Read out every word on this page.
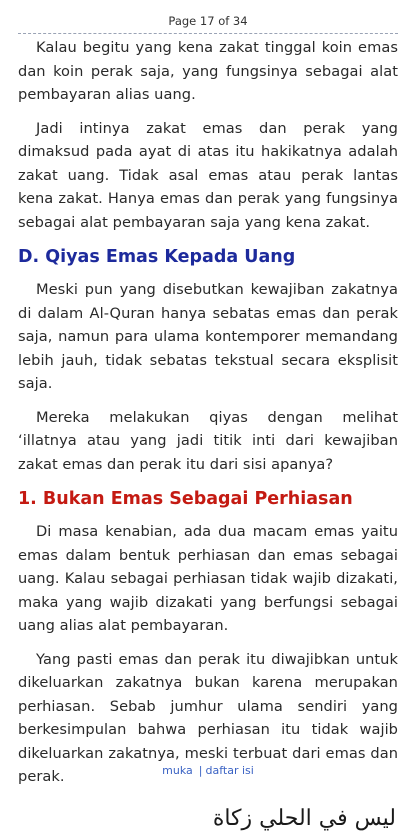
Page 17 of 34

Kalau begitu yang kena zakat tinggal koin emas dan koin perak saja, yang fungsinya sebagai alat pembayaran alias uang.

Jadi intinya zakat emas dan perak yang dimaksud pada ayat di atas itu hakikatnya adalah zakat uang. Tidak asal emas atau perak lantas kena zakat. Hanya emas dan perak yang fungsinya sebagai alat pembayaran saja yang kena zakat.

D. Qiyas Emas Kepada Uang

Meski pun yang disebutkan kewajiban zakatnya di dalam Al-Quran hanya sebatas emas dan perak saja, namun para ulama kontemporer memandang lebih jauh, tidak sebatas tekstual secara eksplisit saja.

Mereka melakukan qiyas dengan melihat ‘illatnya atau yang jadi titik inti dari kewajiban zakat emas dan perak itu dari sisi apanya?

1. Bukan Emas Sebagai Perhiasan

Di masa kenabian, ada dua macam emas yaitu emas dalam bentuk perhiasan dan emas sebagai uang. Kalau sebagai perhiasan tidak wajib dizakati, maka yang wajib dizakati yang berfungsi sebagai uang alias alat pembayaran.

Yang pasti emas dan perak itu diwajibkan untuk dikeluarkan zakatnya bukan karena merupakan perhiasan. Sebab jumhur ulama sendiri yang berkesimpulan bahwa perhiasan itu tidak wajib dikeluarkan zakatnya, meski terbuat dari emas dan perak.

ليس في الحلي زكاة
muka | daftar isi
